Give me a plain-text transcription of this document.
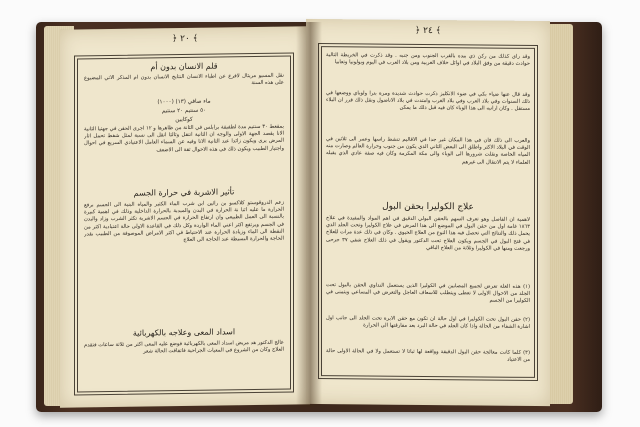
﴿ ٢٠ ﴾
قلم الانسان بدون أم
نقل المسيو مريثال لافرع عن اطباء الانسان النتايج الانسان بدون ام المذكر الآتي المضبوع على هذه السنة
ماء صافي (١٣) (١٠٠٠)
٥٠ سنتيم ٢٠ سنتيم
كوكايين
بمقعط ٣٠ سنتيم مدة لطفيفة برابلس في الثانة من ظاهرها و ١٢ اجرى الحقن في جهتيا الثانية الانا يقصد الجهة الاولى والوجه ان الثانية انتقل وثالثا انقل الى نسبة لمثل شفط تحمل اثار المرض يرى ويكون زائدا عند الثانية الانا وفيه عن السماء العامل الاعتيادي السريع في احوال واجتيار الطبيب ويكون ذلك في هذه الاحوال ثقة الى الاضعف
تأثير الاشربة في حرارة الجسم
زعم الدروقوستو كلاكسو بن رائين ابن شرب الماء الكثير والمياه البنية الى الجسم برفع الحرارة ما عليه اثنا نة الحرارة في البدن والمبدبة بالحرارة الداخلية وذلك في اهمية كبيرة بالنسبة الى العمل الطبيعي وان ارتفاع الحرارة في الجسم الاشربة تكثر الشرب وزاد والبدن في الجسم ويرتفع اكثر اعني الماء الواردة وكل ذلك في القاعدة الاولى حالة اعتيادية اكثر من النقطة الى الماء وزيادة الحرارة عند الاحتياط في اكثر الامراض الموصوفة من الطبيب بقدر الحاجة والحرارة البسيطة عند الحاجة الى العلاج
اسداد المعى وعلاجه بالكهربائية
عالج الدكتور هد مريض اسداد المعى بالكهربائية فوضع عليه المعى اكثر من ثلاثة ساعات فتقدم العلاج وكان من الشروع في المعيات الجراحية فاتفاقت الحالة شعر
﴿ ٢٤ ﴾
وقد رأى كذلك من ركن ذي بيده بالقرب الجنوب ومن جنبه . وقد ذكرت في الخريطة التالية حوادث دقيقة من وفق البلاد في اوائل خلاف الغربية ومن بلاد العرب في اليوم وبولونيا وتعابيا
وقد قال عنها ضياء بكي في ضوء الانكليز ذكرت حوادث شديدة ومرة بترا ولوباي ووضعها في ذلك السنوات وفي بلاد العرب وفي بلاد الغرب وامتدت في بلاد الاناضول ونقل ذلك قرر ان البلاء مستقل . وكان ارانبه الى هذا الوباء كان فيه قبل ذلك ما يمكن
والعرب الى ذلك فان في هذا المكان غير جدا في الاقاليم تنشط رأسها وعمر الى ثلاثين في الوقت في البلاد الاكثر واطلق الى البعض الثاني الذي يكون من جنوب وحرارة العالم وصارت منه المياه الخاصة ونقلت شرورها الى الوباء والى مكة المكرمة وكان فيه صفة عادي الذي يقبله العلماء لا يتم الانتقال الى غيرهم
علاج الكوليرا بحقن البول
لاهمية ان الفاصل وهو تعرف السهم بالحقن البولي الدقيق في اهم المواد والمفيدة في علاج ١٨٦٣ غامة اول من حقن البول في الموضع الى هذا المرض في علاج الكوليرا وتحت الجلد الذي يحمل ذلك والنتائج التي تحصل فيه هذا النوع من العلاج الحيوي . وكان في ذلك عدة مرات للعلاج في فتح البول في الجسم ويكون العلاج تحت الدكتور ويقول في ذلك العلاج شفي ٣٧ جرحى ورجعت ومنها في الكوليرا وثلاثة من العلاج الباقي
(١) هذه العلة تعرض لجميع المصابين في الكوليرا الذين يستعمل النداوي الحقن بالبول تحت الجلد من الاحوال الاولى لا تعطى ويتطلب للاسعاف العاجل والتعرض في المساعي ويتمنى في الكوليرا من الجسم
(٢) حقن البول تحت الكوليرا في اول حالة ان تكون مع حقن الابرة تحت الجلد الى جانب اول اشارة الشفاء من الحالة واذا كان الجلد في حالة البرد بعد مفارقتها الى الحرارة
(٣) كلما كانت معالجة حقن البول الدقيقة وواقعة لها ثباتا لا تستعمل ولا في الحالة الاولى حالة من الاعتياد
